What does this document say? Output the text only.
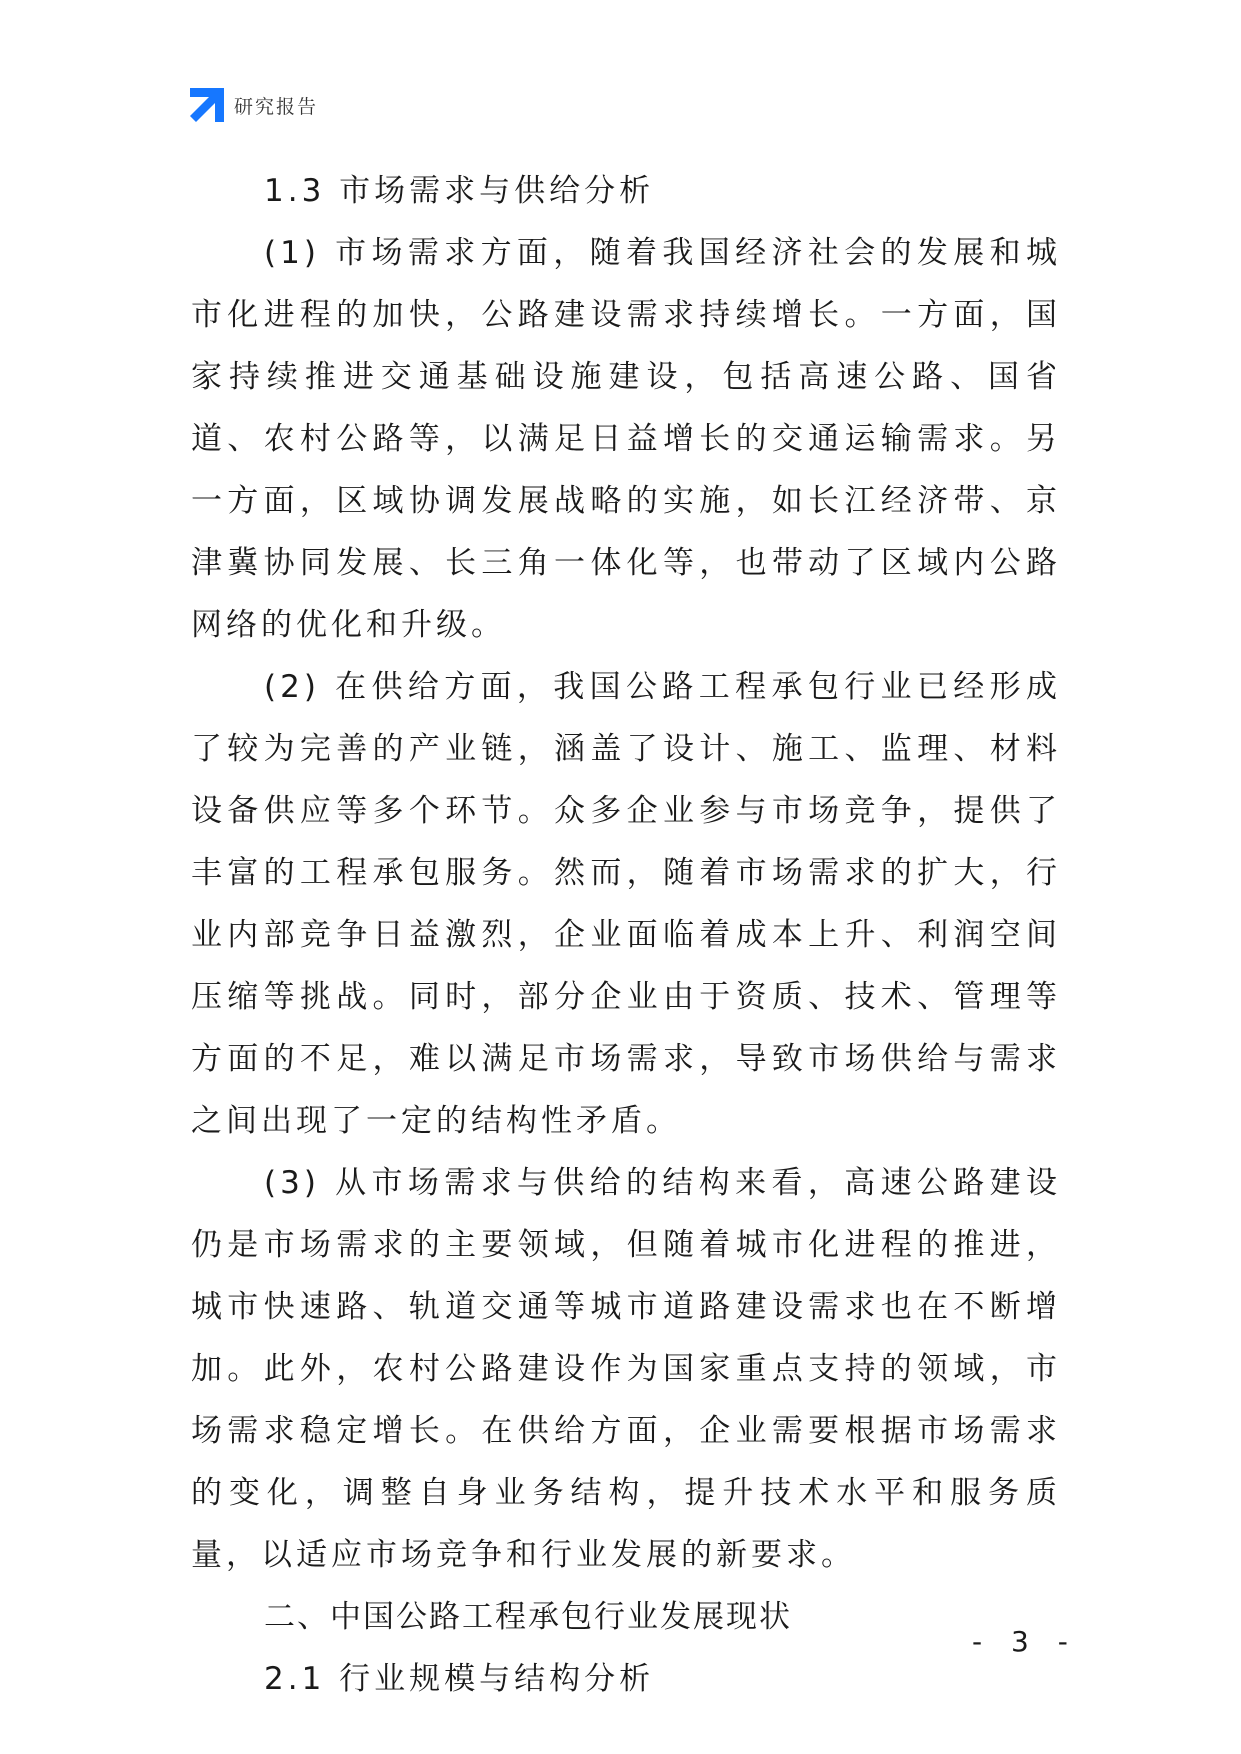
研究报告
1.3 市场需求与供给分析

(1) 市场需求方面，随着我国经济社会的发展和城市化进程的加快，公路建设需求持续增长。一方面，国家持续推进交通基础设施建设，包括高速公路、国省道、农村公路等，以满足日益增长的交通运输需求。另一方面，区域协调发展战略的实施，如长江经济带、京津冀协同发展、长三角一体化等，也带动了区域内公路网络的优化和升级。

(2) 在供给方面，我国公路工程承包行业已经形成了较为完善的产业链，涵盖了设计、施工、监理、材料设备供应等多个环节。众多企业参与市场竞争，提供了丰富的工程承包服务。然而，随着市场需求的扩大，行业内部竞争日益激烈，企业面临着成本上升、利润空间压缩等挑战。同时，部分企业由于资质、技术、管理等方面的不足，难以满足市场需求，导致市场供给与需求之间出现了一定的结构性矛盾。

(3) 从市场需求与供给的结构来看，高速公路建设仍是市场需求的主要领域，但随着城市化进程的推进，城市快速路、轨道交通等城市道路建设需求也在不断增加。此外，农村公路建设作为国家重点支持的领域，市场需求稳定增长。在供给方面，企业需要根据市场需求的变化，调整自身业务结构，提升技术水平和服务质量，以适应市场竞争和行业发展的新要求。

二、中国公路工程承包行业发展现状
2.1 行业规模与结构分析
- 3 -
